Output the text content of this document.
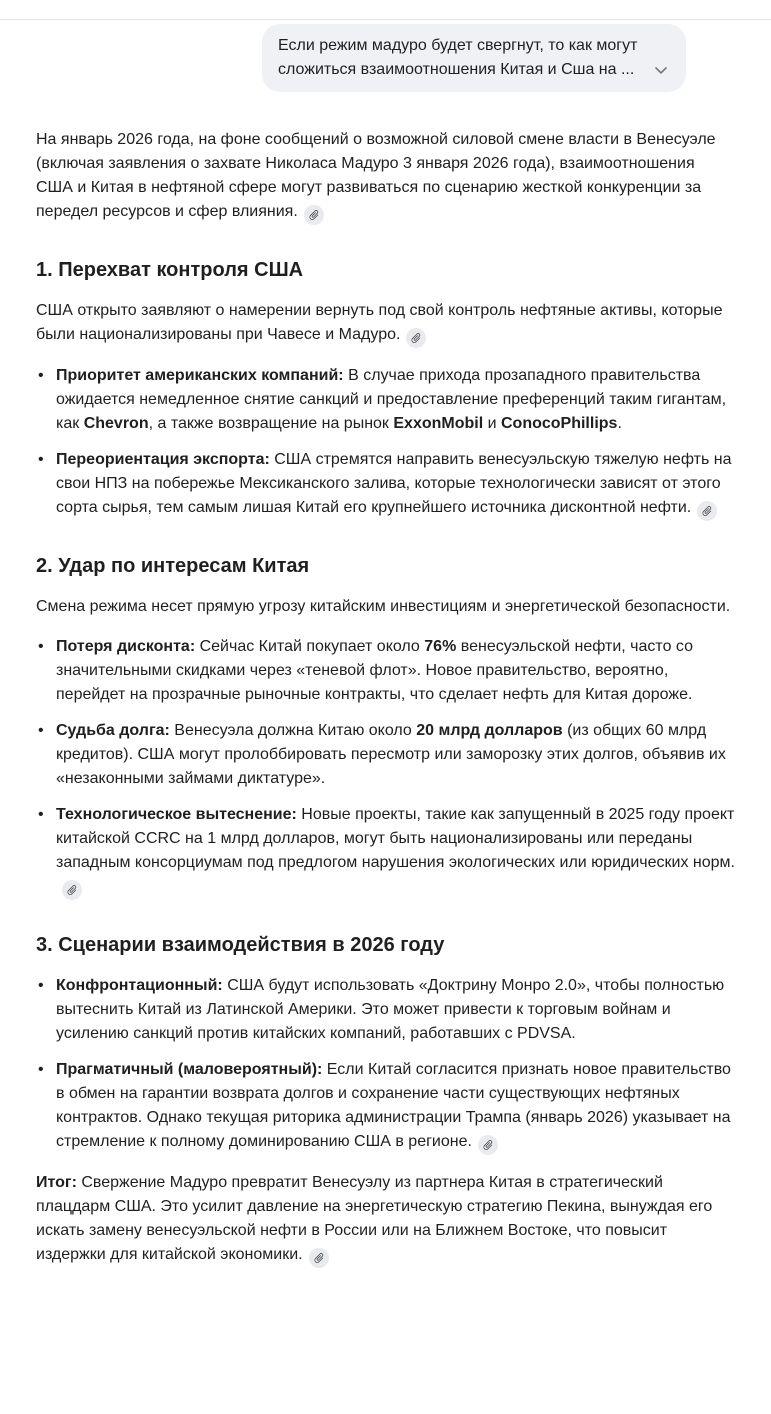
Если режим мадуро будет свергнут, то как могут сложиться взаимоотношения Китая и Сша на ...

На январь 2026 года, на фоне сообщений о возможной силовой смене власти в Венесуэле (включая заявления о захвате Николаса Мадуро 3 января 2026 года), взаимоотношения США и Китая в нефтяной сфере могут развиваться по сценарию жесткой конкуренции за передел ресурсов и сфер влияния.

1. Перехват контроля США

США открыто заявляют о намерении вернуть под свой контроль нефтяные активы, которые были национализированы при Чавесе и Мадуро.

• Приоритет американских компаний: В случае прихода прозападного правительства ожидается немедленное снятие санкций и предоставление преференций таким гигантам, как Chevron, а также возвращение на рынок ExxonMobil и ConocoPhillips.
• Переориентация экспорта: США стремятся направить венесуэльскую тяжелую нефть на свои НПЗ на побережье Мексиканского залива, которые технологически зависят от этого сорта сырья, тем самым лишая Китай его крупнейшего источника дисконтной нефти.
2. Удар по интересам Китая

Смена режима несет прямую угрозу китайским инвестициям и энергетической безопасности.

• Потеря дисконта: Сейчас Китай покупает около 76% венесуэльской нефти, часто со значительными скидками через «теневой флот». Новое правительство, вероятно, перейдет на прозрачные рыночные контракты, что сделает нефть для Китая дороже.
• Судьба долга: Венесуэла должна Китаю около 20 млрд долларов (из общих 60 млрд кредитов). США могут пролоббировать пересмотр или заморозку этих долгов, объявив их «незаконными займами диктатуре».
• Технологическое вытеснение: Новые проекты, такие как запущенный в 2025 году проект китайской CCRC на 1 млрд долларов, могут быть национализированы или переданы западным консорциумам под предлогом нарушения экологических или юридических норм.
3. Сценарии взаимодействия в 2026 году
• Конфронтационный: США будут использовать «Доктрину Монро 2.0», чтобы полностью вытеснить Китай из Латинской Америки. Это может привести к торговым войнам и усилению санкций против китайских компаний, работавших с PDVSA.
• Прагматичный (маловероятный): Если Китай согласится признать новое правительство в обмен на гарантии возврата долгов и сохранение части существующих нефтяных контрактов. Однако текущая риторика администрации Трампа (январь 2026) указывает на стремление к полному доминированию США в регионе.

Итог: Свержение Мадуро превратит Венесуэлу из партнера Китая в стратегический плацдарм США. Это усилит давление на энергетическую стратегию Пекина, вынуждая его искать замену венесуэльской нефти в России или на Ближнем Востоке, что повысит издержки для китайской экономики.
